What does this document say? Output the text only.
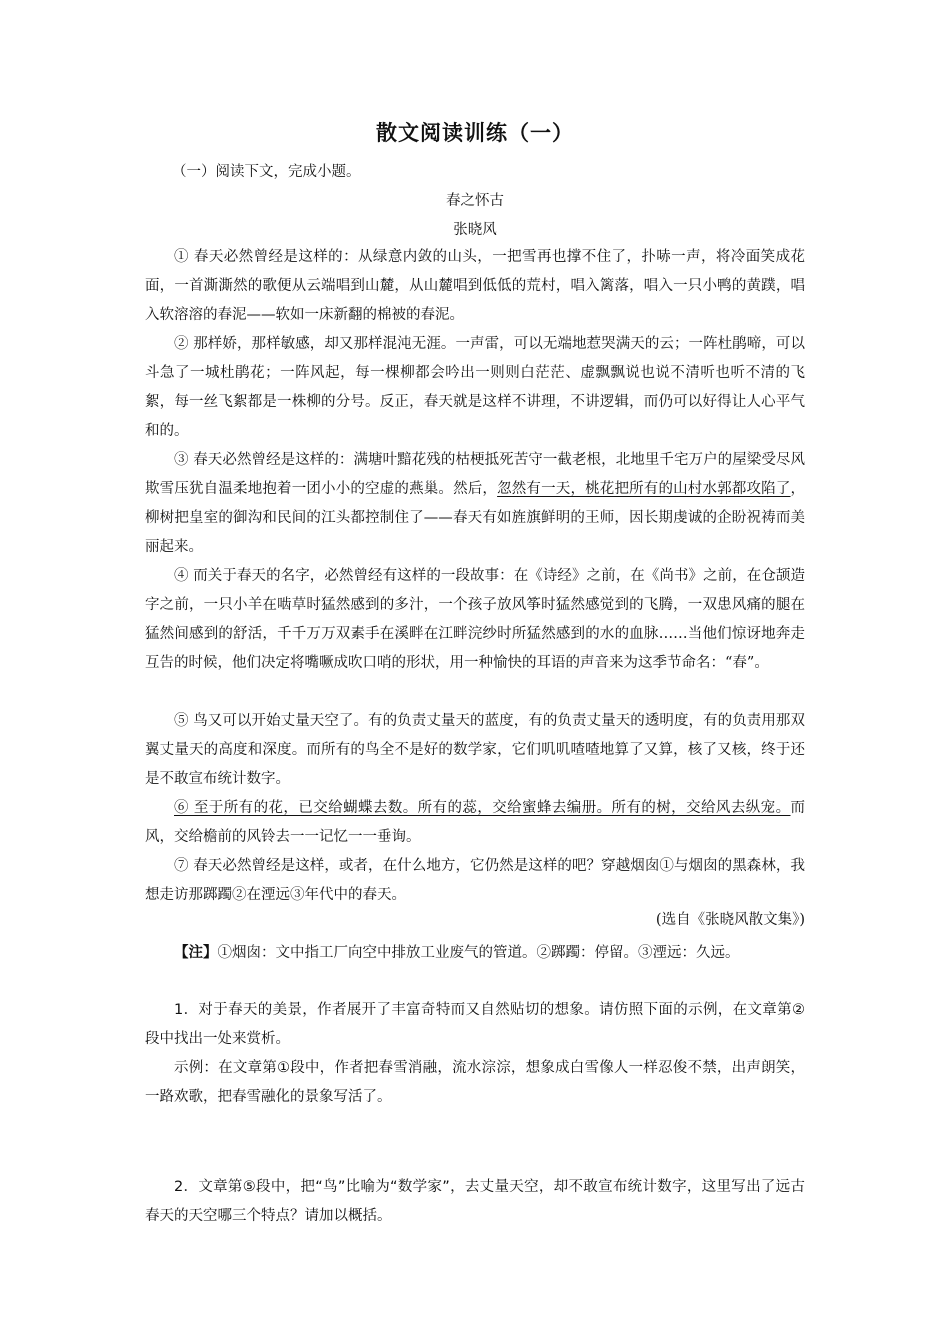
散文阅读训练（一）
（一）阅读下文，完成小题。
春之怀古
张晓风
① 春天必然曾经是这样的：从绿意内敛的山头，一把雪再也撑不住了，扑哧一声，将冷面笑成花面，一首澌澌然的歌便从云端唱到山麓，从山麓唱到低低的荒村，唱入篱落，唱入一只小鸭的黄蹼，唱入软溶溶的春泥——软如一床新翻的棉被的春泥。
② 那样娇，那样敏感，却又那样混沌无涯。一声雷，可以无端地惹哭满天的云；一阵杜鹃啼，可以斗急了一城杜鹃花；一阵风起，每一棵柳都会吟出一则则白茫茫、虚飘飘说也说不清听也听不清的飞絮，每一丝飞絮都是一株柳的分号。反正，春天就是这样不讲理，不讲逻辑，而仍可以好得让人心平气和的。
③ 春天必然曾经是这样的：满塘叶黯花残的枯梗抵死苦守一截老根，北地里千宅万户的屋梁受尽风欺雪压犹自温柔地抱着一团小小的空虚的燕巢。然后，忽然有一天，桃花把所有的山村水郭都攻陷了，柳树把皇室的御沟和民间的江头都控制住了——春天有如旌旗鲜明的王师，因长期虔诚的企盼祝祷而美丽起来。
④ 而关于春天的名字，必然曾经有这样的一段故事：在《诗经》之前，在《尚书》之前，在仓颉造字之前，一只小羊在啮草时猛然感到的多汁，一个孩子放风筝时猛然感觉到的飞腾，一双患风痛的腿在猛然间感到的舒活，千千万万双素手在溪畔在江畔浣纱时所猛然感到的水的血脉……当他们惊讶地奔走互告的时候，他们决定将嘴噘成吹口哨的形状，用一种愉快的耳语的声音来为这季节命名：“春”。
⑤ 鸟又可以开始丈量天空了。有的负责丈量天的蓝度，有的负责丈量天的透明度，有的负责用那双翼丈量天的高度和深度。而所有的鸟全不是好的数学家，它们叽叽喳喳地算了又算，核了又核，终于还是不敢宣布统计数字。
⑥ 至于所有的花，已交给蝴蝶去数。所有的蕊，交给蜜蜂去编册。所有的树，交给风去纵宠。而风，交给檐前的风铃去一一记忆一一垂询。
⑦ 春天必然曾经是这样，或者，在什么地方，它仍然是这样的吧？穿越烟囱①与烟囱的黑森林，我想走访那踯躅②在湮远③年代中的春天。
(选自《张晓风散文集》)
【注】①烟囱：文中指工厂向空中排放工业废气的管道。②踯躅：停留。③湮远：久远。
1．对于春天的美景，作者展开了丰富奇特而又自然贴切的想象。请仿照下面的示例，在文章第②段中找出一处来赏析。
示例：在文章第①段中，作者把春雪消融，流水淙淙，想象成白雪像人一样忍俊不禁，出声朗笑，一路欢歌，把春雪融化的景象写活了。
2．文章第⑤段中，把“鸟”比喻为“数学家”，去丈量天空，却不敢宣布统计数字，这里写出了远古春天的天空哪三个特点？请加以概括。
